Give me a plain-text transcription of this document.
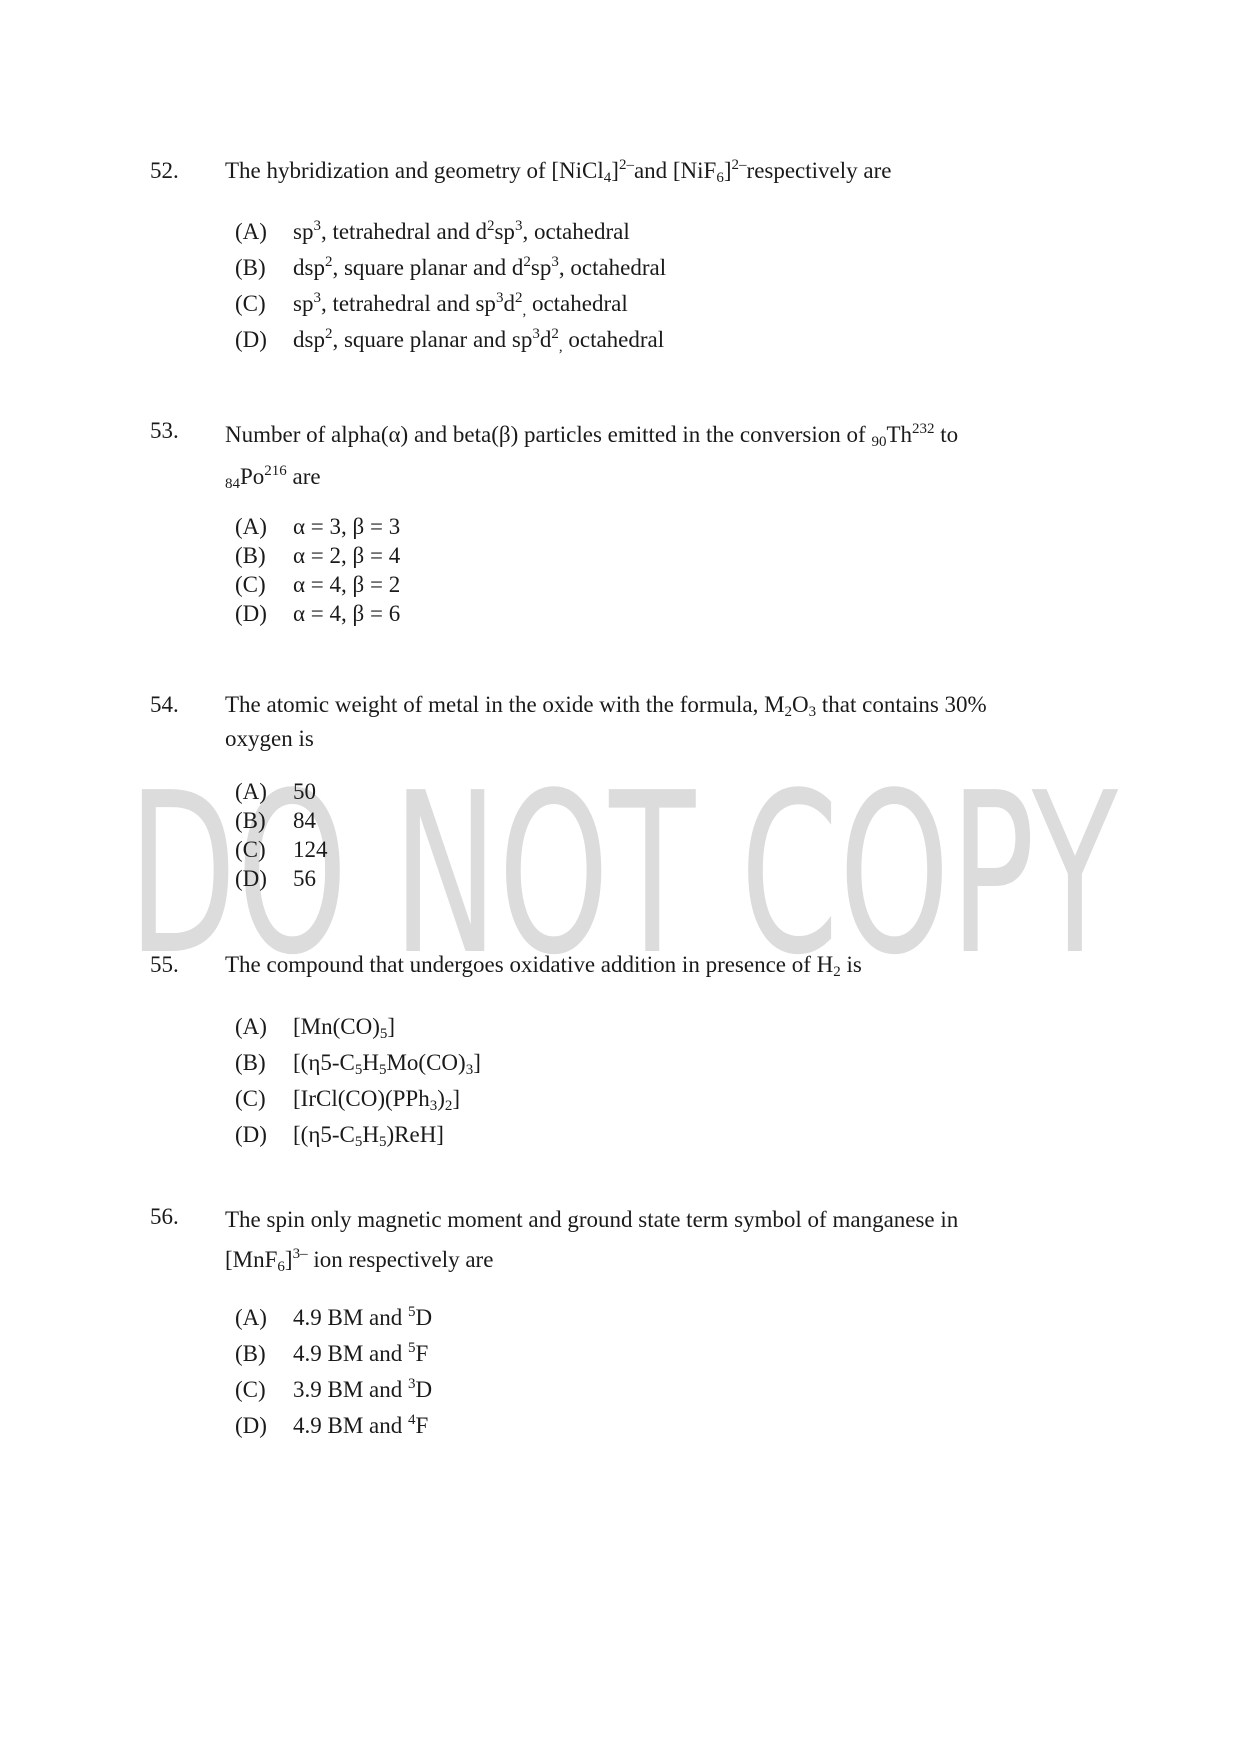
DO NOT COPY
52. The hybridization and geometry of [NiCl$_4$]$^{2-}$and $[NiF_6]^{2-}respectively$ are
(A) $sp^3$, tetrahedral and $d^2sp^3$, octahedral
(B) dsp$^2$, square planar and $d^2sp^3$, octahedral
(C) $sp^3$, tetrahedral and $sp^3d^2_,$ octahedral
(D) dsp$^2$, square planar and $sp^3d^2_,$ octahedral
53. Number of alpha(α) and beta(β) particles emitted in the conversion of $_{90}Th^{232}$ to
$_{84}Po^{216}$ are
(A) α = 3, β = 3
(B) α = 2, β = 4
(C) α = 4, β = 2
(D) α = 4, β = 6
54. The atomic weight of metal in the oxide with the formula, $M_2O_3$ that contains 30%
oxygen is
(A) 50
(B) 84
(C) 124
(D) 56
55. The compound that undergoes oxidative addition in presence of $H_2$ is
(A) $[Mn(CO)_5]$
(B) [$(\eta 5-C_5H_5Mo(CO)_3]$
(C) $[IrCl(CO)(PPh_3)_2]$
(D) $[(\eta 5-C_5H_5)ReH]$
56. The spin only magnetic moment and ground state term symbol of manganese in
$[MnF_6]^{3-}$ ion respectively are
(A) 4.9 BM and $^5$D
(B) 4.9 BM and $^5$F
(C) 3.9 BM and $^3$D
(D) 4.9 BM and $^4$F
